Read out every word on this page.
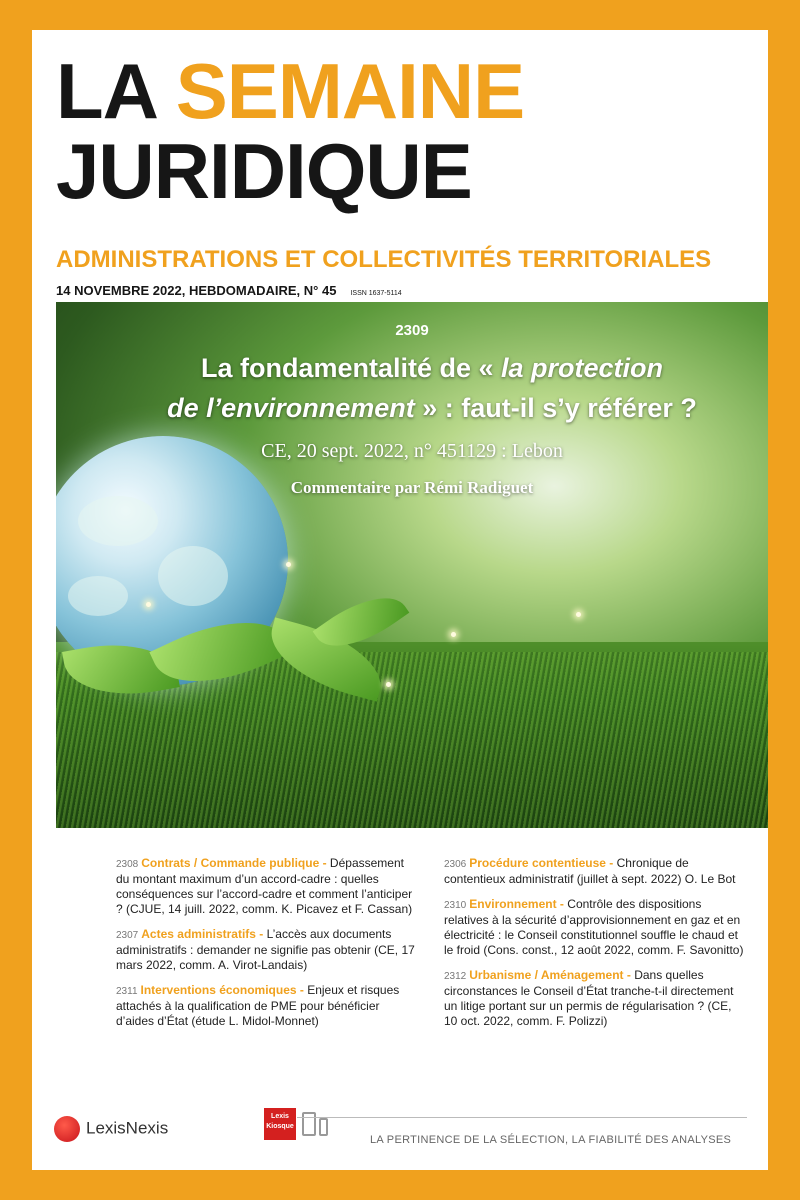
LA SEMAINE
JURIDIQUE
ADMINISTRATIONS ET COLLECTIVITÉS TERRITORIALES
14 NOVEMBRE 2022, HEBDOMADAIRE, N° 45 ISSN 1637-5114
2309
La fondamentalité de « la protection
de l’environnement » : faut-il s’y référer ?
CE, 20 sept. 2022, n° 451129 : Lebon
Commentaire par Rémi Radiguet
2308 Contrats / Commande publique - Dépassement du montant maximum d’un accord-cadre : quelles conséquences sur l’accord-cadre et comment l’anticiper ? (CJUE, 14 juill. 2022, comm. K. Picavez et F. Cassan)
2307 Actes administratifs - L’accès aux documents administratifs : demander ne signifie pas obtenir (CE, 17 mars 2022, comm. A. Virot-Landais)
2311 Interventions économiques - Enjeux et risques attachés à la qualification de PME pour bénéficier d’aides d’État (étude L. Midol-Monnet)
2306 Procédure contentieuse - Chronique de contentieux administratif (juillet à sept. 2022) O. Le Bot
2310 Environnement - Contrôle des dispositions relatives à la sécurité d’approvisionnement en gaz et en électricité : le Conseil constitutionnel souffle le chaud et le froid (Cons. const., 12 août 2022, comm. F. Savonitto)
2312 Urbanisme / Aménagement - Dans quelles circonstances le Conseil d’État tranche-t-il directement un litige portant sur un permis de régularisation ? (CE, 10 oct. 2022, comm. F. Polizzi)
LexisNexis
Lexis
Kiosque
LA PERTINENCE DE LA SÉLECTION, LA FIABILITÉ DES ANALYSES
